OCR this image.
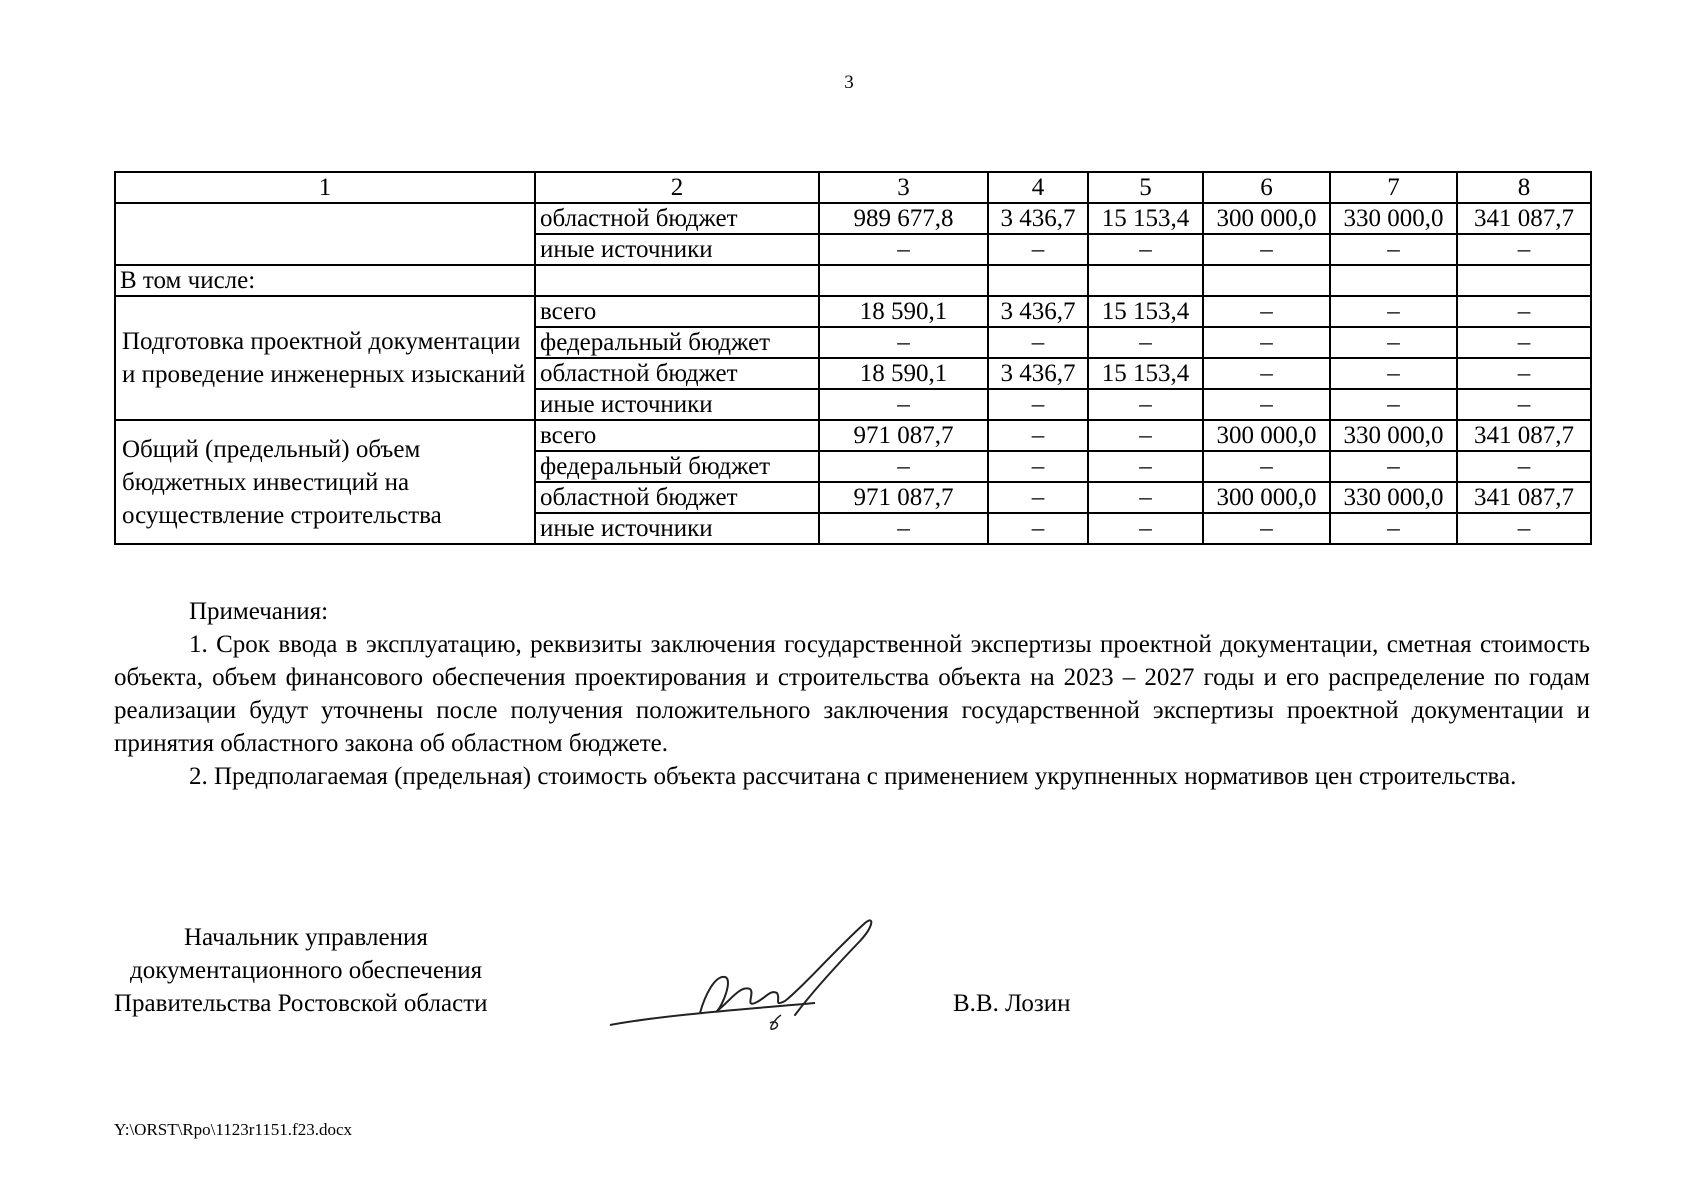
3
1	2	3	4	5	6	7	8
	областной бюджет	989 677,8	3 436,7	15 153,4	300 000,0	330 000,0	341 087,7
	иные источники	–	–	–	–	–	–
В том числе:							
Подготовка проектной документации и проведение инженерных изысканий	всего	18 590,1	3 436,7	15 153,4	–	–	–
	федеральный бюджет	–	–	–	–	–	–
	областной бюджет	18 590,1	3 436,7	15 153,4	–	–	–
	иные источники	–	–	–	–	–	–
Общий (предельный) объем бюджетных инвестиций на осуществление строительства	всего	971 087,7	–	–	300 000,0	330 000,0	341 087,7
	федеральный бюджет	–	–	–	–	–	–
	областной бюджет	971 087,7	–	–	300 000,0	330 000,0	341 087,7
	иные источники	–	–	–	–	–	–

Примечания:

1. Срок ввода в эксплуатацию, реквизиты заключения государственной экспертизы проектной документации, сметная стоимость объекта, объем финансового обеспечения проектирования и строительства объекта на 2023 – 2027 годы и его распределение по годам реализации будут уточнены после получения положительного заключения государственной экспертизы проектной документации и принятия областного закона об областном бюджете.

2. Предполагаемая (предельная) стоимость объекта рассчитана с применением укрупненных нормативов цен строительства.

Начальник управления
документационного обеспечения
Правительства Ростовской области	В.В. Лозин
Y:\ORST\Rpo\1123r1151.f23.docx
